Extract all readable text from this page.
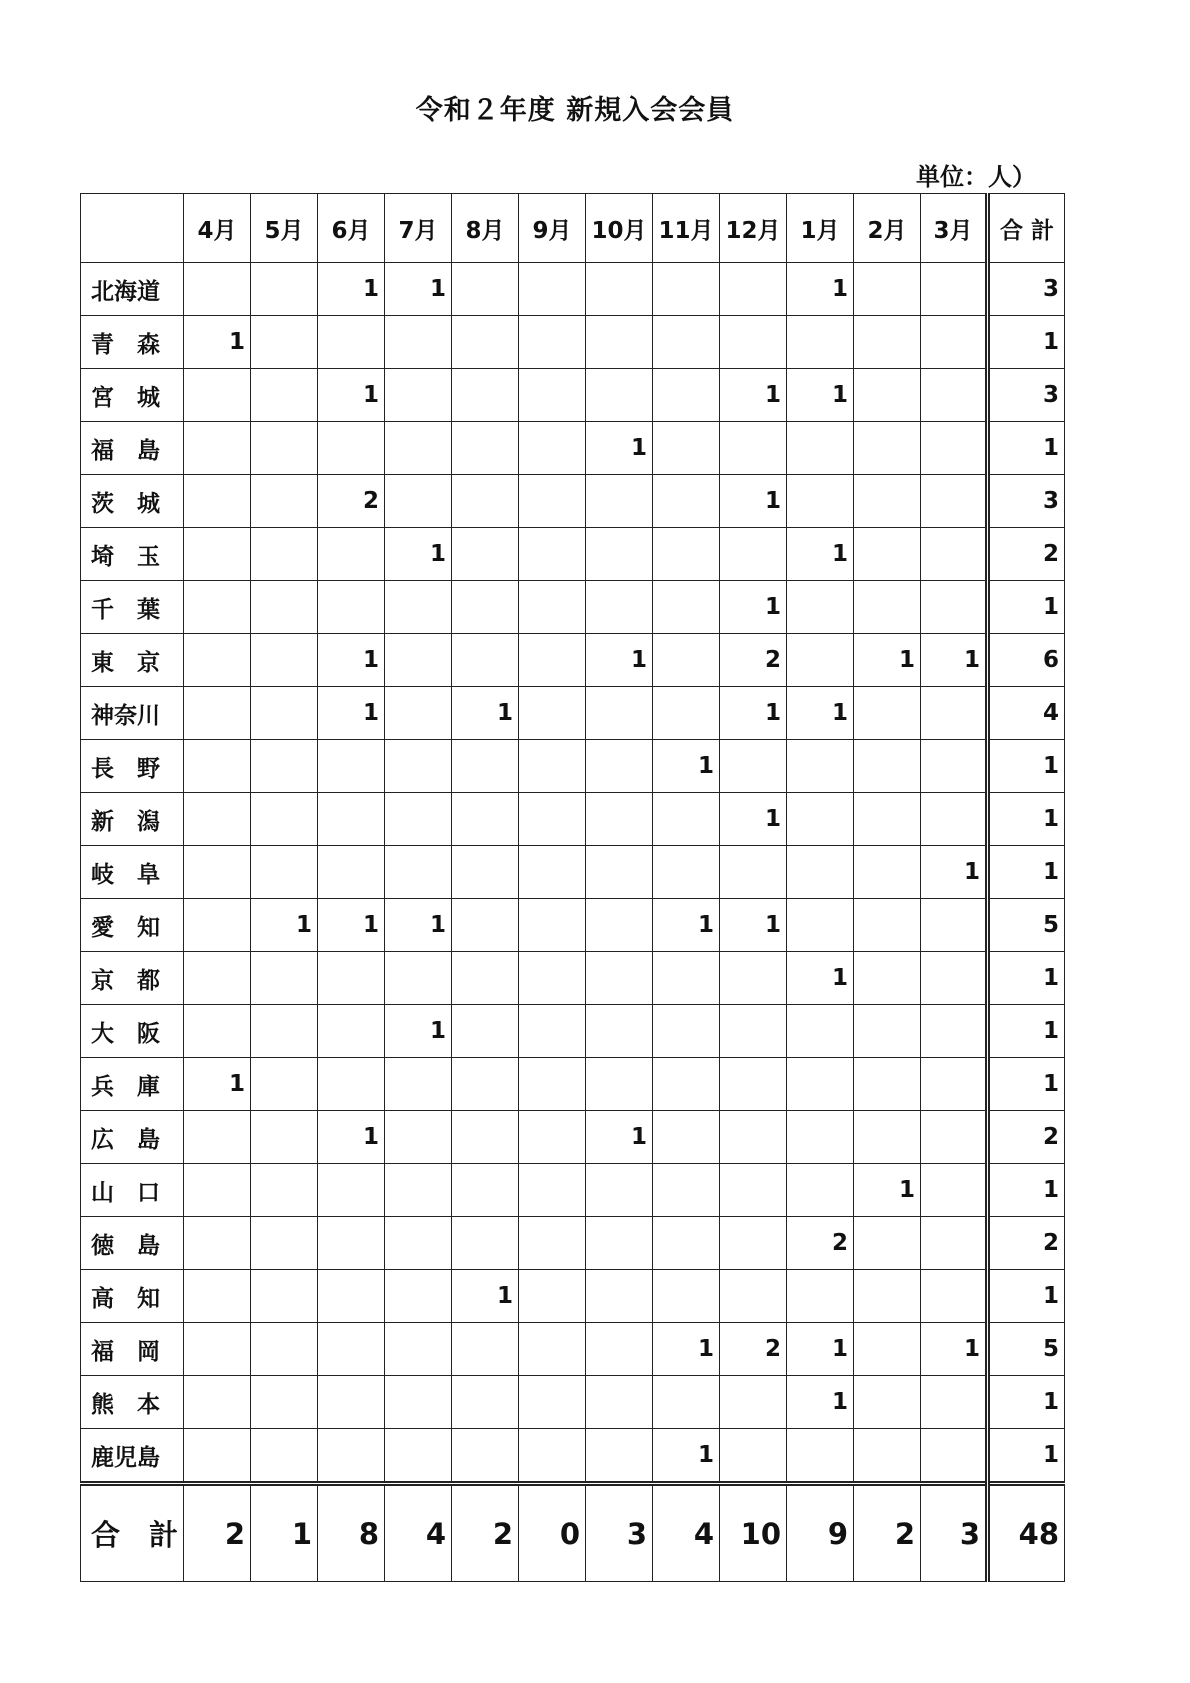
令和２年度 新規入会会員
単位：人）
	4月	5月	6月	7月	8月	9月	10月	11月	12月	1月	2月	3月	合 計
北海道			1	1						1			3
青　森	1												1
宮　城			1						1	1			3
福　島							1						1
茨　城			2						1				3
埼　玉				1						1			2
千　葉									1				1
東　京			1				1		2		1	1	6
神奈川			1		1				1	1			4
長　野								1					1
新　潟									1				1
岐　阜												1	1
愛　知		1	1	1				1	1				5
京　都										1			1
大　阪				1									1
兵　庫	1												1
広　島			1				1						2
山　口											1		1
徳　島										2			2
高　知					1								1
福　岡								1	2	1		1	5
熊　本										1			1
鹿児島								1					1
合　計	2	1	8	4	2	0	3	4	10	9	2	3	48
